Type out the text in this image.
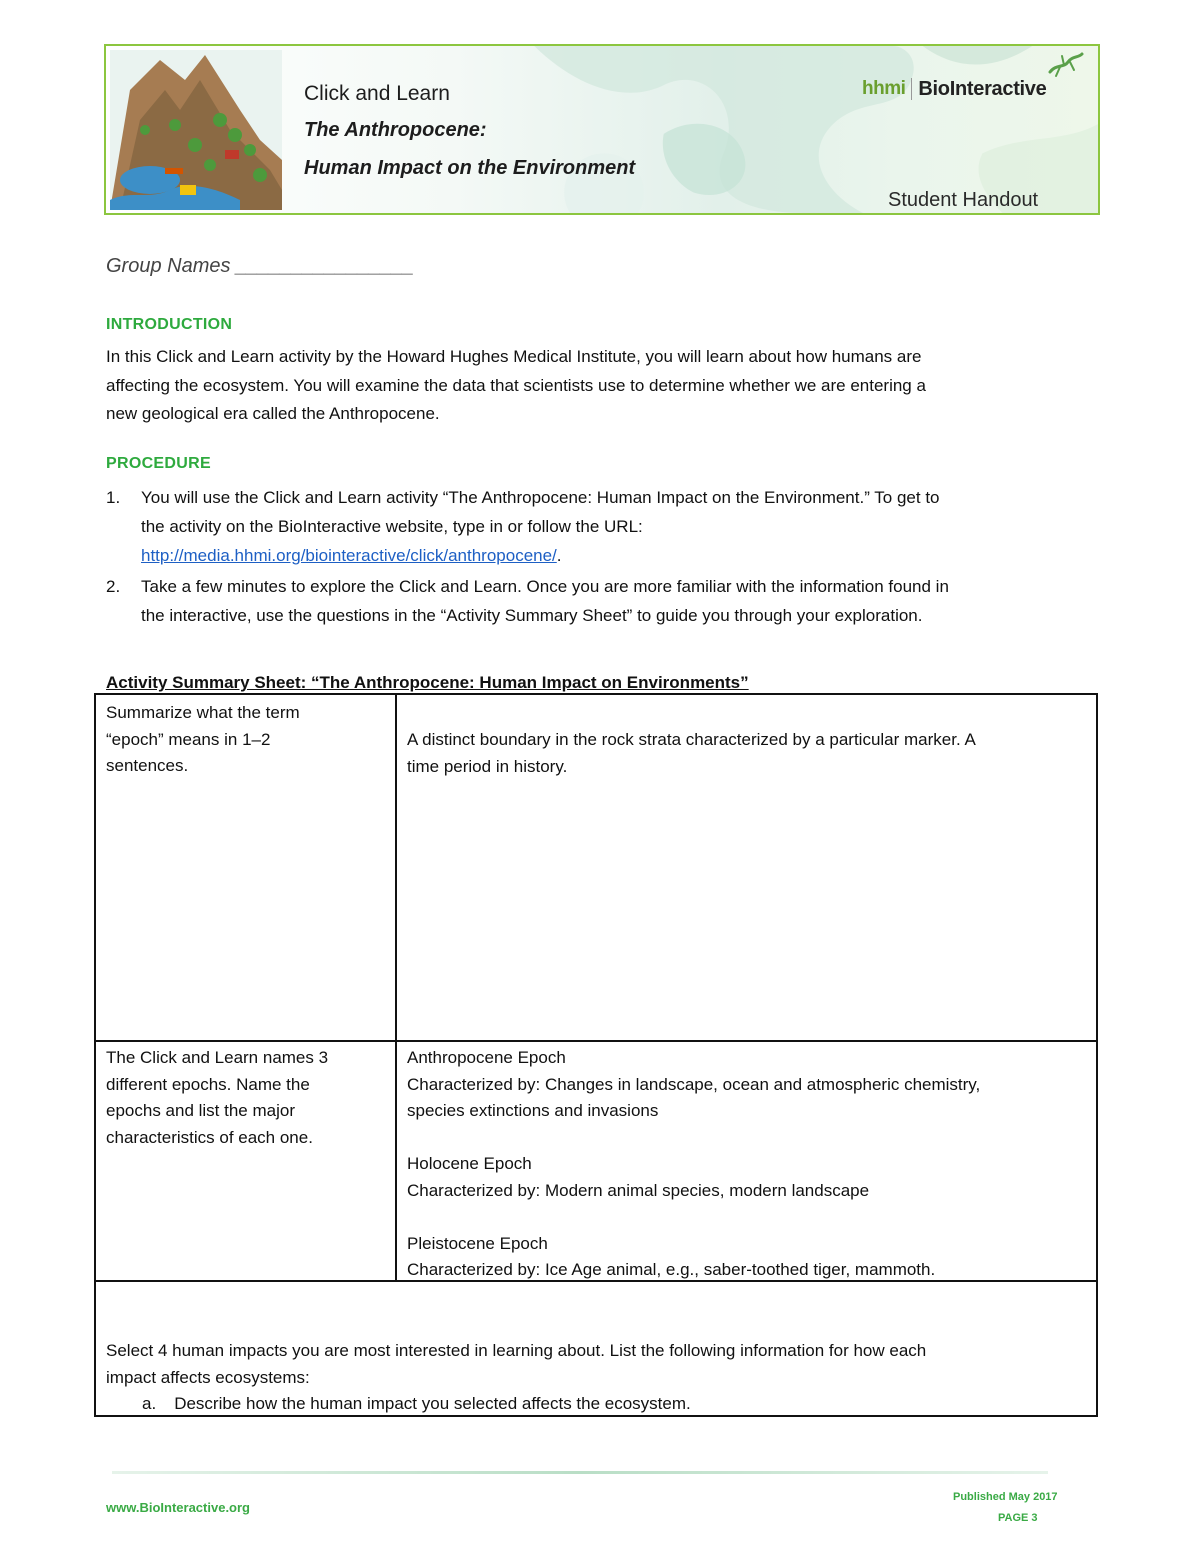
Click and Learn
The Anthropocene:
Human Impact on the Environment
hhmi BioInteractive
Student Handout
Group Names ________________
INTRODUCTION
In this Click and Learn activity by the Howard Hughes Medical Institute, you will learn about how humans are
affecting the ecosystem. You will examine the data that scientists use to determine whether we are entering a
new geological era called the Anthropocene.
PROCEDURE
1. You will use the Click and Learn activity “The Anthropocene: Human Impact on the Environment.” To get to
the activity on the BioInteractive website, type in or follow the URL:
http://media.hhmi.org/biointeractive/click/anthropocene/.
2. Take a few minutes to explore the Click and Learn. Once you are more familiar with the information found in
the interactive, use the questions in the “Activity Summary Sheet” to guide you through your exploration.
Activity Summary Sheet: “The Anthropocene: Human Impact on Environments”

Summarize what the term

“epoch” means in 1–2

sentences.

A distinct boundary in the rock strata characterized by a particular marker. A

time period in history.

The Click and Learn names 3

different epochs. Name the

epochs and list the major

characteristics of each one.

Anthropocene Epoch

Characterized by: Changes in landscape, ocean and atmospheric chemistry,

species extinctions and invasions

Holocene Epoch

Characterized by: Modern animal species, modern landscape

Pleistocene Epoch

Characterized by: Ice Age animal, e.g., saber-toothed tiger, mammoth.

Select 4 human impacts you are most interested in learning about. List the following information for how each

impact affects ecosystems:

a. Describe how the human impact you selected affects the ecosystem.

www.BioInteractive.org
Published May 2017
PAGE 3
